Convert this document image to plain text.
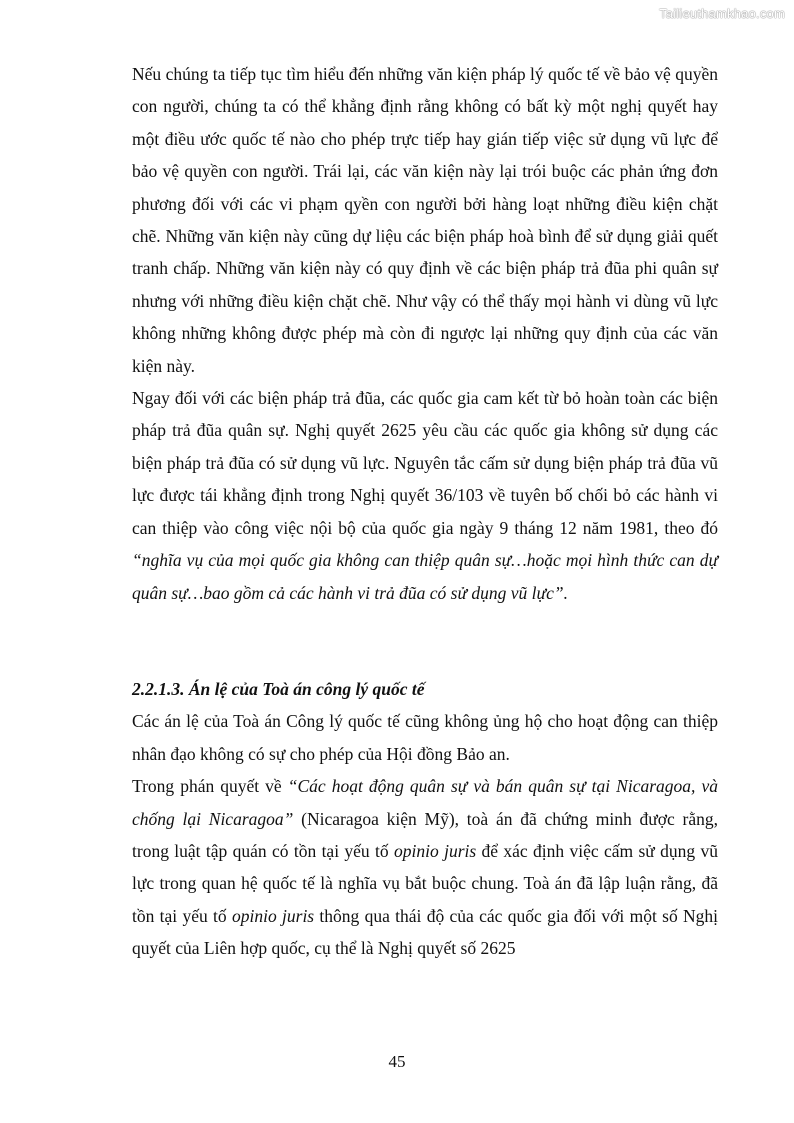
Tailieuthamkhao.com

Nếu chúng ta tiếp tục tìm hiểu đến những văn kiện pháp lý quốc tế về bảo vệ quyền con người, chúng ta có thể khẳng định rằng không có bất kỳ một nghị quyết hay một điều ước quốc tế nào cho phép trực tiếp hay gián tiếp việc sử dụng vũ lực để bảo vệ quyền con người. Trái lại, các văn kiện này lại trói buộc các phản ứng đơn phương đối với các vi phạm qyền con người bởi hàng loạt những điều kiện chặt chẽ. Những văn kiện này cũng dự liệu các biện pháp hoà bình để sử dụng giải quết tranh chấp. Những văn kiện này có quy định về các biện pháp trả đũa phi quân sự nhưng với những điều kiện chặt chẽ. Như vậy có thể thấy mọi hành vi dùng vũ lực không những không được phép mà còn đi ngược lại những quy định của các văn kiện này.

Ngay đối với các biện pháp trả đũa, các quốc gia cam kết từ bỏ hoàn toàn các biện pháp trả đũa quân sự. Nghị quyết 2625 yêu cầu các quốc gia không sử dụng các biện pháp trả đũa có sử dụng vũ lực. Nguyên tắc cấm sử dụng biện pháp trả đũa vũ lực được tái khẳng định trong Nghị quyết 36/103 về tuyên bố chối bỏ các hành vi can thiệp vào công việc nội bộ của quốc gia ngày 9 tháng 12 năm 1981, theo đó “nghĩa vụ của mọi quốc gia không can thiệp quân sự…hoặc mọi hình thức can dự quân sự…bao gồm cả các hành vi trả đũa có sử dụng vũ lực”.

2.2.1.3. Án lệ của Toà án công lý quốc tế

Các án lệ của Toà án Công lý quốc tế cũng không ủng hộ cho hoạt động can thiệp nhân đạo không có sự cho phép của Hội đồng Bảo an.

Trong phán quyết về “Các hoạt động quân sự và bán quân sự tại Nicaragoa, và chống lại Nicaragoa” (Nicaragoa kiện Mỹ), toà án đã chứng minh được rằng, trong luật tập quán có tồn tại yếu tố opinio juris để xác định việc cấm sử dụng vũ lực trong quan hệ quốc tế là nghĩa vụ bắt buộc chung. Toà án đã lập luận rằng, đã tồn tại yếu tố opinio juris thông qua thái độ của các quốc gia đối với một số Nghị quyết của Liên hợp quốc, cụ thể là Nghị quyết số 2625

45
